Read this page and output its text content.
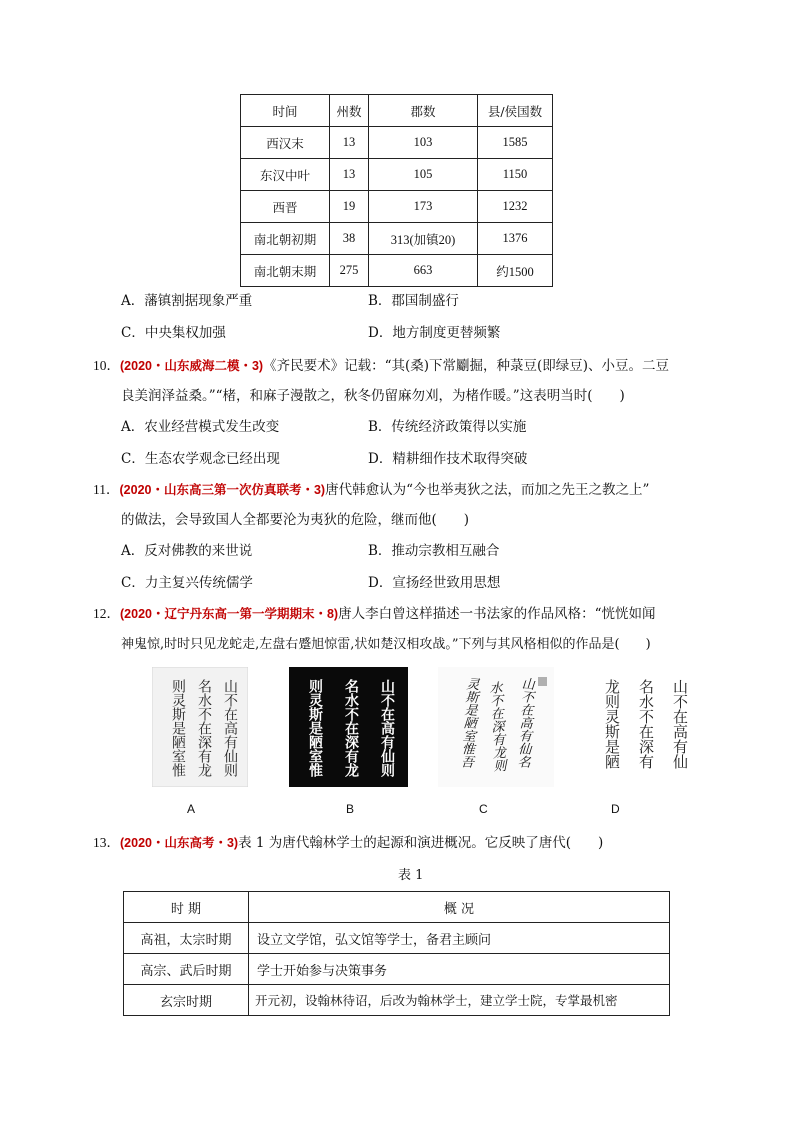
时间	州数	郡数	县/侯国数
西汉末	13	103	1585
东汉中叶	13	105	1150
西晋	19	173	1232
南北朝初期	38	313(加镇20)	1376
南北朝末期	275	663	约1500
A．藩镇割据现象严重	B．郡国制盛行
C．中央集权加强	D．地方制度更替频繁
10．(2020・山东威海二模・3)《齐民要术》记载：“其(桑)下常劚掘，种菉豆(即绿豆)、小豆。二豆
良美润泽益桑。”“楮，和麻子漫散之，秋冬仍留麻勿刈，为楮作暖。”这表明当时(　　)
A．农业经营模式发生改变	B．传统经济政策得以实施
C．生态农学观念已经出现	D．精耕细作技术取得突破
11．(2020・山东高三第一次仿真联考・3)唐代韩愈认为“今也举夷狄之法，而加之先王之教之上”
的做法，会导致国人全都要沦为夷狄的危险，继而他(　　)
A．反对佛教的来世说	B．推动宗教相互融合
C．力主复兴传统儒学	D．宣扬经世致用思想
12．(2020・辽宁丹东高一第一学期期末・8)唐人李白曾这样描述一书法家的作品风格：“恍恍如闻
神鬼惊,时时只见龙蛇走,左盘右蹙旭惊雷,状如楚汉相攻战。”下列与其风格相似的作品是(　　)
山不在高有仙则
名水不在深有龙
则灵斯是陋室惟	山不在高有仙则
名水不在深有龙
则灵斯是陋室惟	山不在高有仙名
水不在深有龙则
灵斯是陋室惟吾	山不在高有仙
名水不在深有
龙则灵斯是陋
A	B	C	D
13．(2020・山东高考・3)表 1 为唐代翰林学士的起源和演进概况。它反映了唐代(　　)
表 1
时 期	概 况
高祖，太宗时期	设立文学馆，弘文馆等学士，备君主顾问
高宗、武后时期	学士开始参与决策事务
玄宗时期	开元初，设翰林待诏，后改为翰林学士，建立学士院，专掌最机密
